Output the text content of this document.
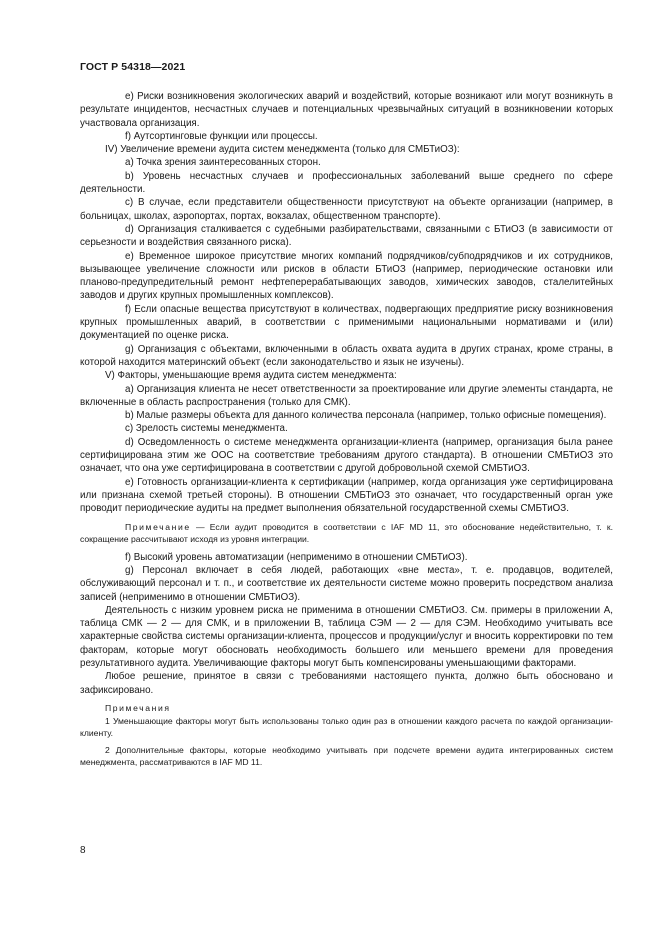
ГОСТ Р 54318—2021

e) Риски возникновения экологических аварий и воздействий, которые возникают или могут возникнуть в результате инцидентов, несчастных случаев и потенциальных чрезвычайных ситуаций в возникновении которых участвовала организация.

f) Аутсортинговые функции или процессы.

IV) Увеличение времени аудита систем менеджмента (только для СМБТиОЗ):

а) Точка зрения заинтересованных сторон.

b) Уровень несчастных случаев и профессиональных заболеваний выше среднего по сфере деятельности.

c) В случае, если представители общественности присутствуют на объекте организации (например, в больницах, школах, аэропортах, портах, вокзалах, общественном транспорте).

d) Организация сталкивается с судебными разбирательствами, связанными с БТиОЗ (в зависимости от серьезности и воздействия связанного риска).

e) Временное широкое присутствие многих компаний подрядчиков/субподрядчиков и их сотрудников, вызывающее увеличение сложности или рисков в области БТиОЗ (например, периодические остановки или планово-предупредительный ремонт нефтеперерабатывающих заводов, химических заводов, сталелитейных заводов и других крупных промышленных комплексов).

f) Если опасные вещества присутствуют в количествах, подвергающих предприятие риску возникновения крупных промышленных аварий, в соответствии с применимыми национальными нормативами и (или) документацией по оценке риска.

g) Организация с объектами, включенными в область охвата аудита в других странах, кроме страны, в которой находится материнский объект (если законодательство и язык не изучены).

V) Факторы, уменьшающие время аудита систем менеджмента:

а) Организация клиента не несет ответственности за проектирование или другие элементы стандарта, не включенные в область распространения (только для СМК).

b) Малые размеры объекта для данного количества персонала (например, только офисные помещения).

c) Зрелость системы менеджмента.

d) Осведомленность о системе менеджмента организации-клиента (например, организация была ранее сертифицирована этим же ООС на соответствие требованиям другого стандарта). В отношении СМБТиОЗ это означает, что она уже сертифицирована в соответствии с другой добровольной схемой СМБТиОЗ.

e) Готовность организации-клиента к сертификации (например, когда организация уже сертифицирована или признана схемой третьей стороны). В отношении СМБТиОЗ это означает, что государственный орган уже проводит периодические аудиты на предмет выполнения обязательной государственной схемы СМБТиОЗ.

Примечание — Если аудит проводится в соответствии с IAF MD 11, это обоснование недействительно, т. к. сокращение рассчитывают исходя из уровня интеграции.

f) Высокий уровень автоматизации (неприменимо в отношении СМБТиОЗ).

g) Персонал включает в себя людей, работающих «вне места», т. е. продавцов, водителей, обслуживающий персонал и т. п., и соответствие их деятельности системе можно проверить посредством анализа записей (неприменимо в отношении СМБТиОЗ).

Деятельность с низким уровнем риска не применима в отношении СМБТиОЗ. См. примеры в приложении А, таблица СМК — 2 — для СМК, и в приложении В, таблица СЭМ — 2 — для СЭМ. Необходимо учитывать все характерные свойства системы организации-клиента, процессов и продукции/услуг и вносить корректировки по тем факторам, которые могут обосновать необходимость большего или меньшего времени для проведения результативного аудита. Увеличивающие факторы могут быть компенсированы уменьшающими факторами.

Любое решение, принятое в связи с требованиями настоящего пункта, должно быть обосновано и зафиксировано.

Примечания

1 Уменьшающие факторы могут быть использованы только один раз в отношении каждого расчета по каждой организации-клиенту.

2 Дополнительные факторы, которые необходимо учитывать при подсчете времени аудита интегрированных систем менеджмента, рассматриваются в IAF MD 11.

8
